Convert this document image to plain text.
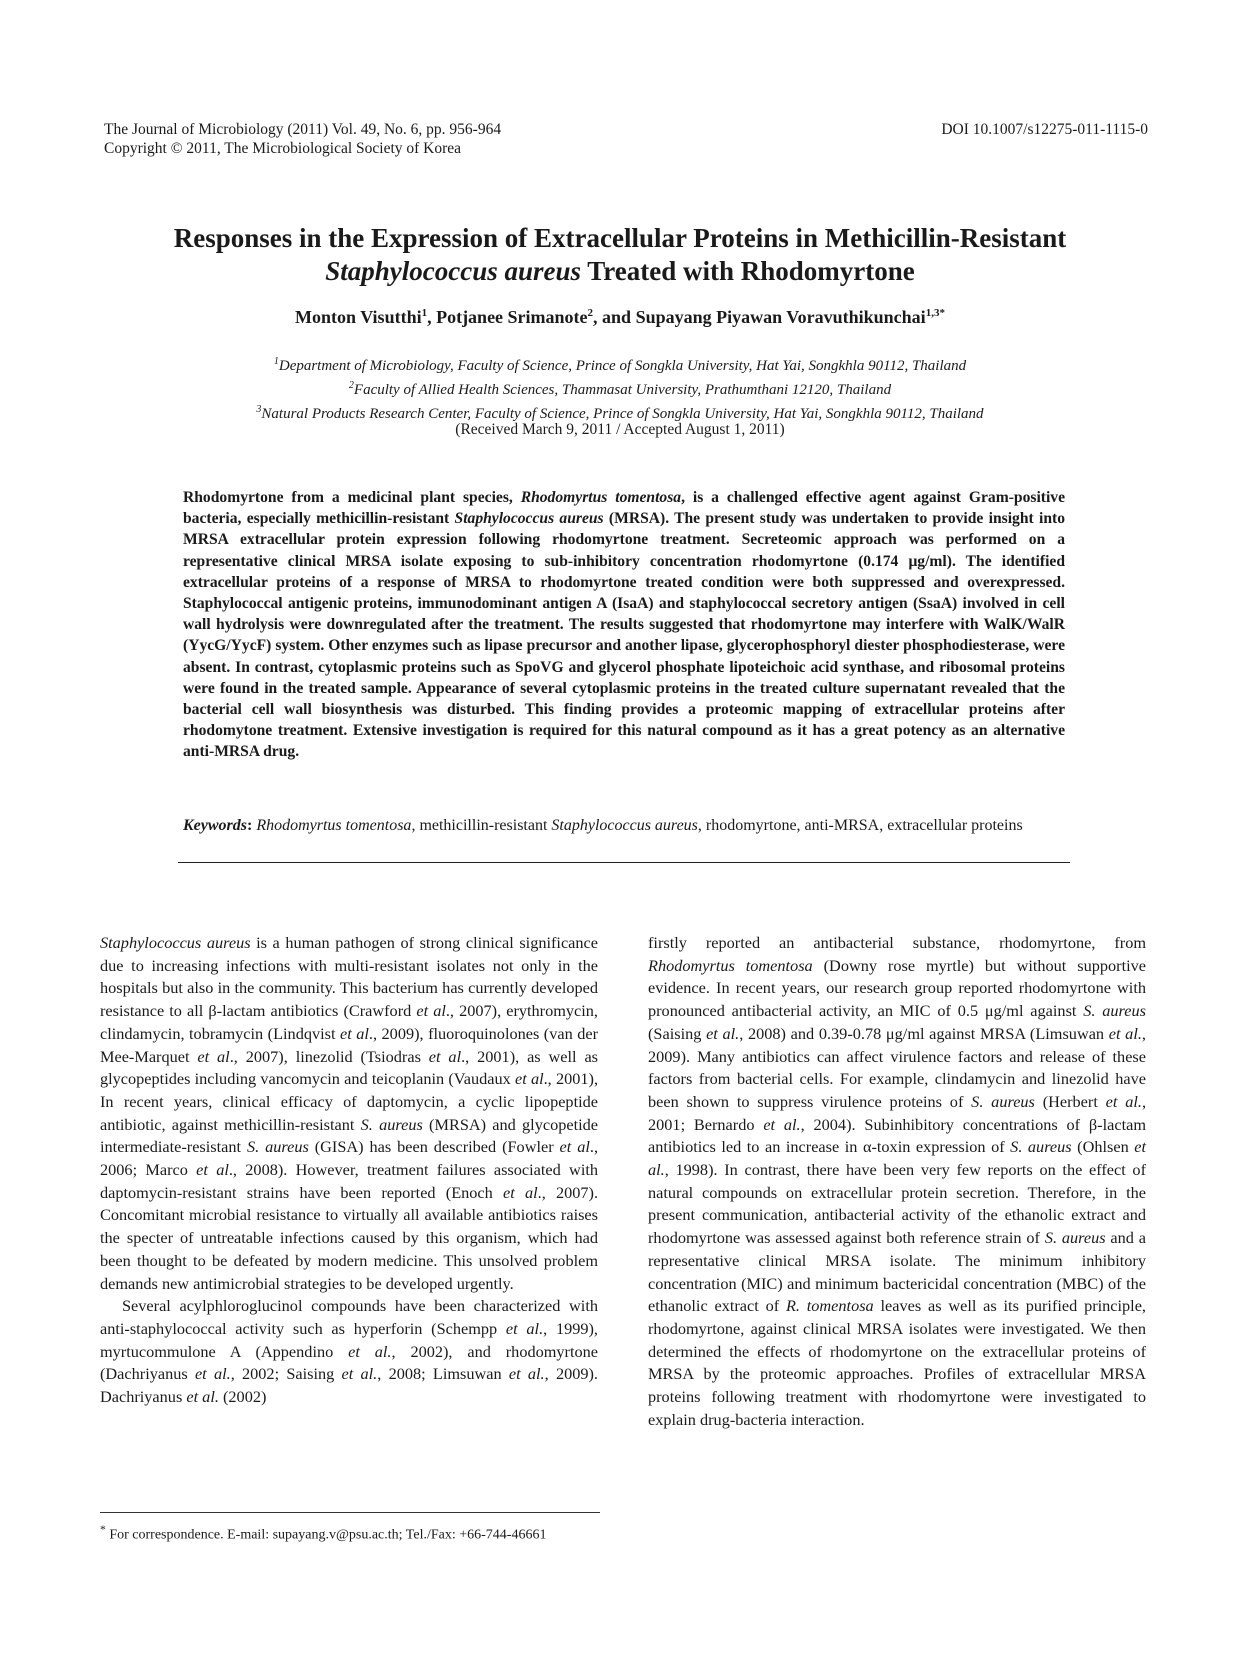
The Journal of Microbiology (2011) Vol. 49, No. 6, pp. 956-964
Copyright © 2011, The Microbiological Society of Korea
DOI 10.1007/s12275-011-1115-0
Responses in the Expression of Extracellular Proteins in Methicillin-Resistant
Staphylococcus aureus Treated with Rhodomyrtone
Monton Visutthi$^1$, Potjanee Srimanote$^2$, and Supayang Piyawan Voravuthikunchai$^{1,3*}$
$^1$Department of Microbiology, Faculty of Science, Prince of Songkla University, Hat Yai, Songkhla 90112, Thailand
$^2$Faculty of Allied Health Sciences, Thammasat University, Prathumthani 12120, Thailand
$^3$Natural Products Research Center, Faculty of Science, Prince of Songkla University, Hat Yai, Songkhla 90112, Thailand
(Received March 9, 2011 / Accepted August 1, 2011)
Rhodomyrtone from a medicinal plant species, Rhodomyrtus tomentosa, is a challenged effective agent against Gram-positive bacteria, especially methicillin-resistant Staphylococcus aureus (MRSA). The present study was undertaken to provide insight into MRSA extracellular protein expression following rhodomyrtone treatment. Secreteomic approach was performed on a representative clinical MRSA isolate exposing to sub-inhibitory concentration rhodomyrtone (0.174 μg/ml). The identified extracellular proteins of a response of MRSA to rhodomyrtone treated condition were both suppressed and overexpressed. Staphylococcal antigenic proteins, immunodominant antigen A (IsaA) and staphylococcal secretory antigen (SsaA) involved in cell wall hydrolysis were downregulated after the treatment. The results suggested that rhodomyrtone may interfere with WalK/WalR (YycG/YycF) system. Other enzymes such as lipase precursor and another lipase, glycerophosphoryl diester phosphodiesterase, were absent. In contrast, cytoplasmic proteins such as SpoVG and glycerol phosphate lipoteichoic acid synthase, and ribosomal proteins were found in the treated sample. Appearance of several cytoplasmic proteins in the treated culture supernatant revealed that the bacterial cell wall biosynthesis was disturbed. This finding provides a proteomic mapping of extracellular proteins after rhodomytone treatment. Extensive investigation is required for this natural compound as it has a great potency as an alternative anti-MRSA drug.
Keywords: Rhodomyrtus tomentosa, methicillin-resistant Staphylococcus aureus, rhodomyrtone, anti-MRSA, extracellular proteins

Staphylococcus aureus is a human pathogen of strong clinical significance due to increasing infections with multi-resistant isolates not only in the hospitals but also in the community. This bacterium has currently developed resistance to all β-lactam antibiotics (Crawford et al., 2007), erythromycin, clindamycin, tobramycin (Lindqvist et al., 2009), fluoroquinolones (van der Mee-Marquet et al., 2007), linezolid (Tsiodras et al., 2001), as well as glycopeptides including vancomycin and teicoplanin (Vaudaux et al., 2001), In recent years, clinical efficacy of daptomycin, a cyclic lipopeptide antibiotic, against methicillin-resistant S. aureus (MRSA) and glycopetide intermediate-resistant S. aureus (GISA) has been described (Fowler et al., 2006; Marco et al., 2008). However, treatment failures associated with daptomycin-resistant strains have been reported (Enoch et al., 2007). Concomitant microbial resistance to virtually all available antibiotics raises the specter of untreatable infections caused by this organism, which had been thought to be defeated by modern medicine. This unsolved problem demands new antimicrobial strategies to be developed urgently.

Several acylphloroglucinol compounds have been characterized with anti-staphylococcal activity such as hyperforin (Schempp et al., 1999), myrtucommulone A (Appendino et al., 2002), and rhodomyrtone (Dachriyanus et al., 2002; Saising et al., 2008; Limsuwan et al., 2009). Dachriyanus et al. (2002)

firstly reported an antibacterial substance, rhodomyrtone, from Rhodomyrtus tomentosa (Downy rose myrtle) but without supportive evidence. In recent years, our research group reported rhodomyrtone with pronounced antibacterial activity, an MIC of 0.5 μg/ml against S. aureus (Saising et al., 2008) and 0.39-0.78 μg/ml against MRSA (Limsuwan et al., 2009). Many antibiotics can affect virulence factors and release of these factors from bacterial cells. For example, clindamycin and linezolid have been shown to suppress virulence proteins of S. aureus (Herbert et al., 2001; Bernardo et al., 2004). Subinhibitory concentrations of β-lactam antibiotics led to an increase in α-toxin expression of S. aureus (Ohlsen et al., 1998). In contrast, there have been very few reports on the effect of natural compounds on extracellular protein secretion. Therefore, in the present communication, antibacterial activity of the ethanolic extract and rhodomyrtone was assessed against both reference strain of S. aureus and a representative clinical MRSA isolate. The minimum inhibitory concentration (MIC) and minimum bactericidal concentration (MBC) of the ethanolic extract of R. tomentosa leaves as well as its purified principle, rhodomyrtone, against clinical MRSA isolates were investigated. We then determined the effects of rhodomyrtone on the extracellular proteins of MRSA by the proteomic approaches. Profiles of extracellular MRSA proteins following treatment with rhodomyrtone were investigated to explain drug-bacteria interaction.

* For correspondence. E-mail: supayang.v@psu.ac.th; Tel./Fax: +66-744-46661
